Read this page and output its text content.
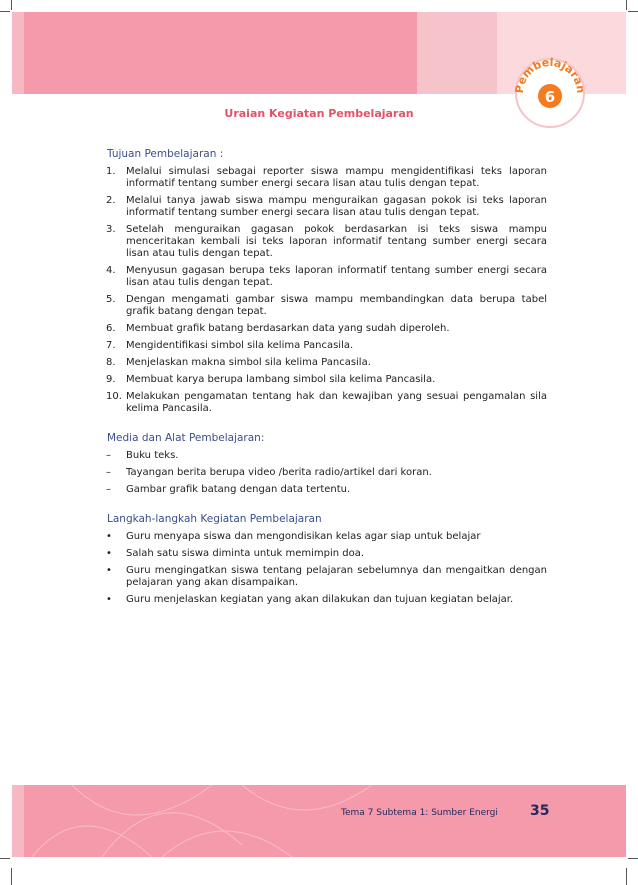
Pembelajaran
6
Uraian Kegiatan Pembelajaran
Tujuan Pembelajaran :
1. Melalui simulasi sebagai reporter siswa mampu mengidentifikasi teks laporan informatif tentang sumber energi secara lisan atau tulis dengan tepat.
2. Melalui tanya jawab siswa mampu menguraikan gagasan pokok isi teks laporan informatif tentang sumber energi secara lisan atau tulis dengan tepat.
3. Setelah menguraikan gagasan pokok berdasarkan isi teks siswa mampu menceritakan kembali isi teks laporan informatif tentang sumber energi secara lisan atau tulis dengan tepat.
4. Menyusun gagasan berupa teks laporan informatif tentang sumber energi secara lisan atau tulis dengan tepat.
5. Dengan mengamati gambar siswa mampu membandingkan data berupa tabel grafik batang dengan tepat.
6. Membuat grafik batang berdasarkan data yang sudah diperoleh.
7. Mengidentifikasi simbol sila kelima Pancasila.
8. Menjelaskan makna simbol sila kelima Pancasila.
9. Membuat karya berupa lambang simbol sila kelima Pancasila.
10. Melakukan pengamatan tentang hak dan kewajiban yang sesuai pengamalan sila kelima Pancasila.
Media dan Alat Pembelajaran:
– Buku teks.
– Tayangan berita berupa video /berita radio/artikel dari koran.
– Gambar grafik batang dengan data tertentu.
Langkah-langkah Kegiatan Pembelajaran
• Guru menyapa siswa dan mengondisikan kelas agar siap untuk belajar
• Salah satu siswa diminta untuk memimpin doa.
• Guru mengingatkan siswa tentang pelajaran sebelumnya dan mengaitkan dengan pelajaran yang akan disampaikan.
• Guru menjelaskan kegiatan yang akan dilakukan dan tujuan kegiatan belajar.
Tema 7 Subtema 1: Sumber Energi 35
